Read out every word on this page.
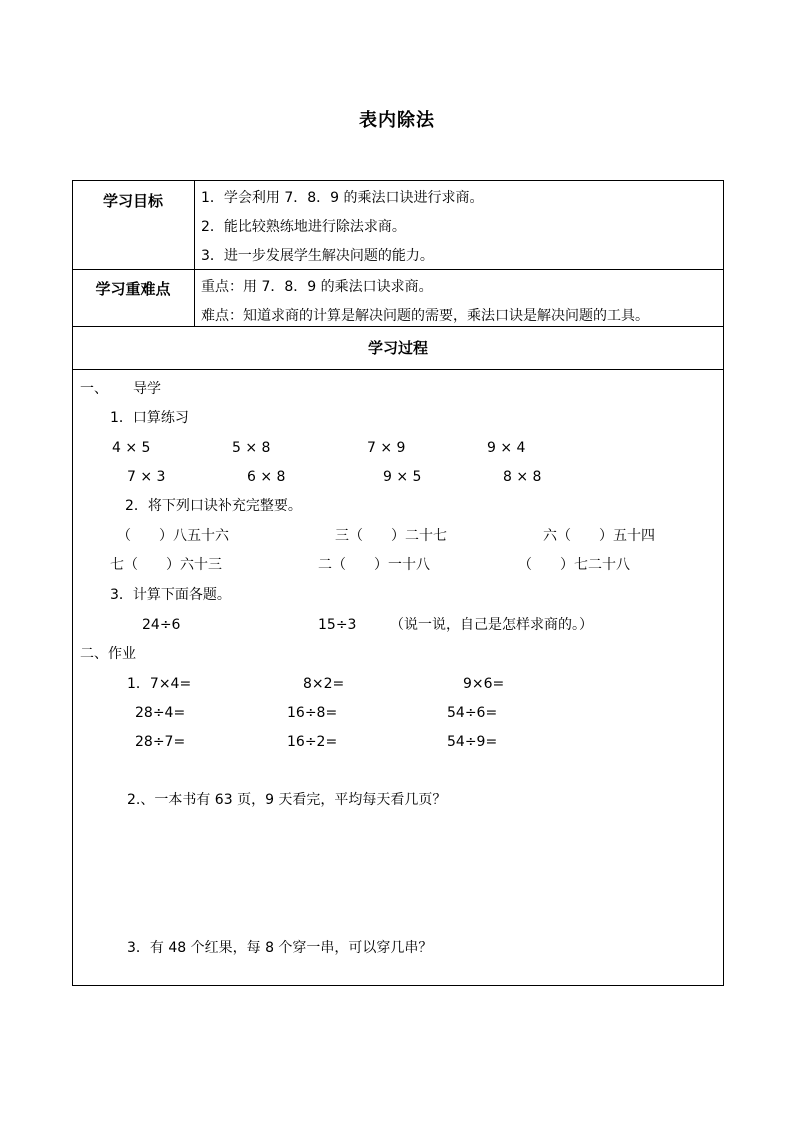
表内除法
学习目标	1．学会利用 7．8．9 的乘法口诀进行求商。
2．能比较熟练地进行除法求商。
3．进一步发展学生解决问题的能力。
学习重难点	重点：用 7．8．9 的乘法口诀求商。
难点：知道求商的计算是解决问题的需要，乘法口诀是解决问题的工具。
学习过程
一、 导学
1．口算练习
4 × 5	5 × 8	7 × 9	9 × 4
7 × 3	6 × 8	9 × 5	8 × 8
2．将下列口诀补充完整要。
（　　）八五十六	三（　　）二十七	六（　　）五十四
七（　　）六十三	二（　　）一十八	（　　）七二十八
3．计算下面各题。
24÷6	15÷3 （说一说，自己是怎样求商的。）
二、作业
1．7×4=	8×2=	9×6=
28÷4=	16÷8=	54÷6=
28÷7=	16÷2=	54÷9=
2.、一本书有 63 页，9 天看完，平均每天看几页？
3．有 48 个红果，每 8 个穿一串，可以穿几串？
